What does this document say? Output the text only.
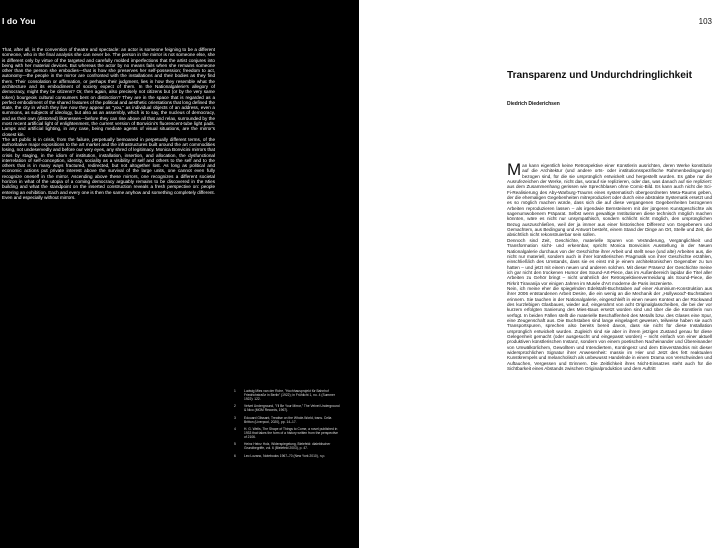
I do You

That, after all, is the convention of theatre and spectacle: an actor is someone feigning to be a different someone, who in the final analysis she can never be. The person in the mirror is not someone else, she is different only by virtue of the targeted and carefully molded imperfections that the artist conjures into being with her material devices. But whereas the actor by no means fails when she remains someone other than the person she embodies—that is how she preserves her self-possession; freedom to act, autonomy—the people in the mirror are confronted with the installations and their bodies as they find them. Their consolation or affirmation, or perhaps their judgment, lies in how they resemble what the architecture and its embodiment of society expect of them. In the Nationalgalerie's allegory of democracy, might they be citizens? Or, then again, also precisely not citizens but (or by the very same token) bourgeois cultural consumers bent on distinction? They are in the space that is regarded as a perfect embodiment of the shared features of the political and aesthetic orientations that long defined the state, the city in which they live now they appear as "you," as individual objects of an address, even a summons, as subjects of ideology, but also as an assembly, which is to say, the nucleus of democracy, and as their own (distorted) likenesses—before they can rise above all that and relax, surrounded by the most recent artificial light of enlightenment, the current version of Bonvicini's fluorescent-tube light pads. Lamps and artificial lighting, in any case, being mediate agents of visual situations, are the mirror's closest kin.

The art public is in crisis, from the failure, perpetually bemoaned in perpetually different terms, of the authoritative major expositions to the art market and the infrastructures built around the art commodities losing, not undeservedly and before our very eyes, any shred of legitimacy. Monica Bonvicini mirrors that crisis by staging, in the idiom of institution, installation, insertion, and allocation, the dysfunctional interrelation of self-conception, identity, sociality as a visibility of self and others to the self and to the others that is in many ways fractured, redirected, but not altogether lost. As long as political and economic actions put private interest above the survival of the large units, one cannot even fully recognize oneself in the mirror. Ascending above these mirrors, one recognizes a different societal horizon in what of the utopia of a coming democracy arguably remains to be discovered in the Mies building and what the standpoint on the inserted construction reveals a fresh perspective on: people entering an exhibition. Each and every one is then the same anyhow and something completely different. Even and especially without mirrors.

1	Ludwig Mies van der Rohe, "Hochhausprojekt für Bahnhof Friedrichstraße in Berlin" (1922); in Frühlicht 1, no. 4 (Summer 1922): 122.
2	Velvet Underground, "I'll Be Your Mirror," The Velvet Underground & Nico (MGM Records, 1967).
3	Edouard Glissant, Treatise on the Whole-World, trans. Celia Britton (Liverpool, 2020), pp. 14–17.
4	H. G. Wells, The Shape of Things to Come, a novel published in 1933 that takes the form of a history written from the perspective of 2106.
5	Heinz Heinz Holz, Widerspiegelung, Bielefeld: dialektischer Grundbegriffe, vol. 6 (Bielefeld 2003), p. 47.
6	Leo Lozano, Notebooks 1967–70 (New York 2010), n.p.
103
Transparenz und Undurchdringlichkeit
Diedrich Diederichsen

Man kann eigentlich keine Retrospektive einer Künstlerin ausrichten, deren Werke konstitutiv auf die Architektur (und andere orts- oder institutionsspezifische Rahmenbedingungen) bezogen sind, für die sie ursprünglich entwickelt und hergestellt wurden. Es gäbe nur die Ausrufezeichen der Werke, nicht das, worauf sie replizieren, oder das, was danach auf sie repliziert: aus dem Zusammenhang gerissen wie Sprechblasen ohne Comic-Bild. Es kann auch nicht die Sci-Fi-Realisierung des Aby-Warburg-Traums eines systematisch übergeordneten Meta-Raums geben, der die ehemaligen Gegebenheiten mitreproduziert oder durch eine abstrakte Systematik ersetzt und es so möglich machen würde, dass sich die auf diese vergangenen Gegebenheiten bezogenen Arbeiten reproduzieren lassen – als irgendwie Bernsteinern mit der jüngeren Kunstgeschichte als sagenumwobenem Präparat. Selbst wenn gewaltige Institutionen diese technisch möglich machen könnten, wäre es nicht nur unsympathisch, sondern schlicht nicht möglich, den ursprünglichen Bezug auszuschließen, weil der ja immer aus einer historischen Differenz von Gegebenem und Gemachtem, aus Bedingung und Antwort besteht, einem Stand der Dinge an Ort, Stelle und Zeit, die absichtlich nicht rekonstruierbar sein sollen.

Dennoch sind Zeit, Geschichte, materielle Spuren von Veränderung, Vergänglichkeit und Transformation sicht- und erkennbar, spricht Monica Bonvicinis Ausstellung in der Neuen Nationalgalerie durchaus von der Geschichte ihrer Arbeit und stellt neue (und alte) Arbeiten aus, die nicht nur materiell, sondern auch in ihrer künstlerischen Pragmatik von ihrer Geschichte erzählen, einschließlich des Umstands, dass sie es einst mit je einem architektonischen Gegenüber zu tun hatten – und jetzt mit einem neuen und anderen solchen. Mit dieser Präsenz der Geschichte meine ich gar nicht den trockenen Humor des Sound-Art-Piece, das im Außenbereich lapidar die Titel aller Arbeiten zu Gehör bringt – nicht unähnlich der Retrospektivenvermeidung als Sound-Piece, die Rirkrit Tiravanija vor einigen Jahren im Musée d'Art moderne de Paris inszenierte.

Nein, ich meine eher die spiegelnden Edelstahl-Buchstaben auf einer Aluminium-Konstruktion aus ihrer 2006 entstandenen Arbeit Desire, die ein wenig an die Mechanik der „Hollywood“-Buchstaben erinnern. Sie tauchen in der Nationalgalerie, eingeschleift in einen neuen Kontext an der Rückwand des kurzlebigen Glasbaues, wieder auf, eingerahmt von acht Originalglasscheiben, die bei der vor kurzem erfolgten Sanierung des Mies-Baus ersetzt worden sind und über die die Künstlerin nun verfügt. In beiden Fällen stellt die materielle Beschaffenheit des Metalls bzw. des Glases eine Spur, eine Zeugenschaft aus. Die Buchstaben sind lange eingelagert gewesen, teilweise haben sie auch Transportspuren, sprechen also bereits bereit davon, dass sie nicht für diese Installation ursprünglich entwickelt wurden. Zugleich sind sie aber in ihrem jetzigen Zustand genau für diese Gelegenheit gemacht (oder ausgesucht und eingepasst worden) – nicht einfach von einer aktuell produktiven künstlerischen Instanz, sondern von einem poetischen Nacheinander und Übereinander von Umwälkürlichem, Gewolltem und Intendiertem, Kontingenz und dem Einverständnis mit dieser widersprüchlichen Signatur ihrer Anwesenheit: massiv im Hier und Jetzt des fett reaktualen Kunstkrempels und melancholisch als unbewusst Handelnde in einem Drama von Verschwinden und Auftauchen, Vergessen und Erinnern. Die Zeitlichkeit ihres Nicht-Einsatzes steht auch für die Sichtbarkeit eines Abstands zwischen Originalproduktion und dem Auftritt
